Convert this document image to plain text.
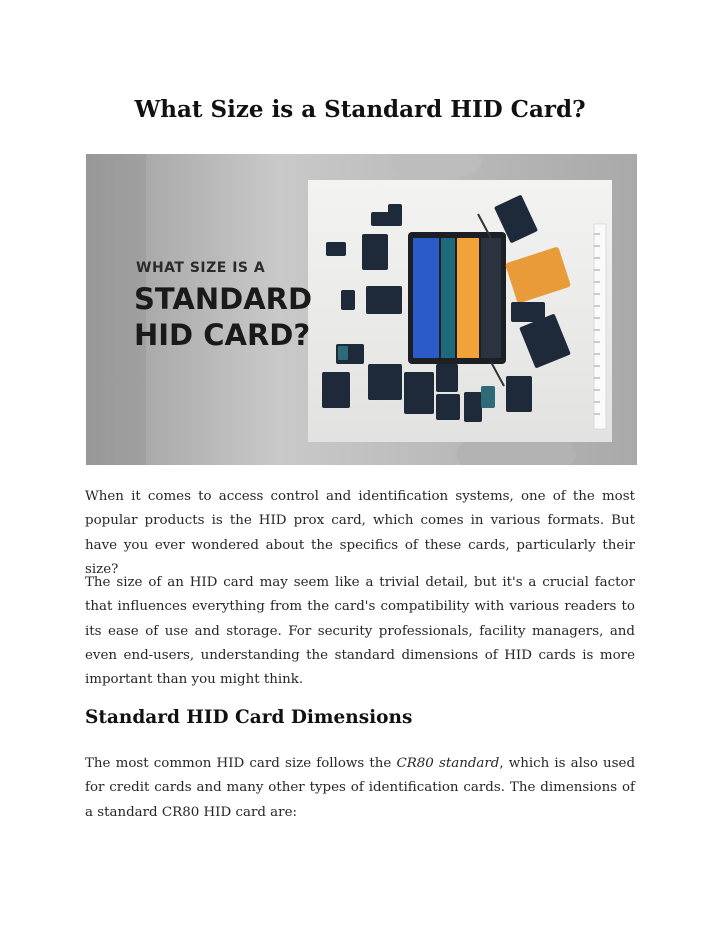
What Size is a Standard HID Card?
WHAT SIZE IS A
STANDARD
HID CARD?

When it comes to access control and identification systems, one of the most popular products is the HID prox card, which comes in various formats. But have you ever wondered about the specifics of these cards, particularly their size?

The size of an HID card may seem like a trivial detail, but it's a crucial factor that influences everything from the card's compatibility with various readers to its ease of use and storage. For security professionals, facility managers, and even end-users, understanding the standard dimensions of HID cards is more important than you might think.

Standard HID Card Dimensions

The most common HID card size follows the CR80 standard, which is also used for credit cards and many other types of identification cards. The dimensions of a standard CR80 HID card are:
